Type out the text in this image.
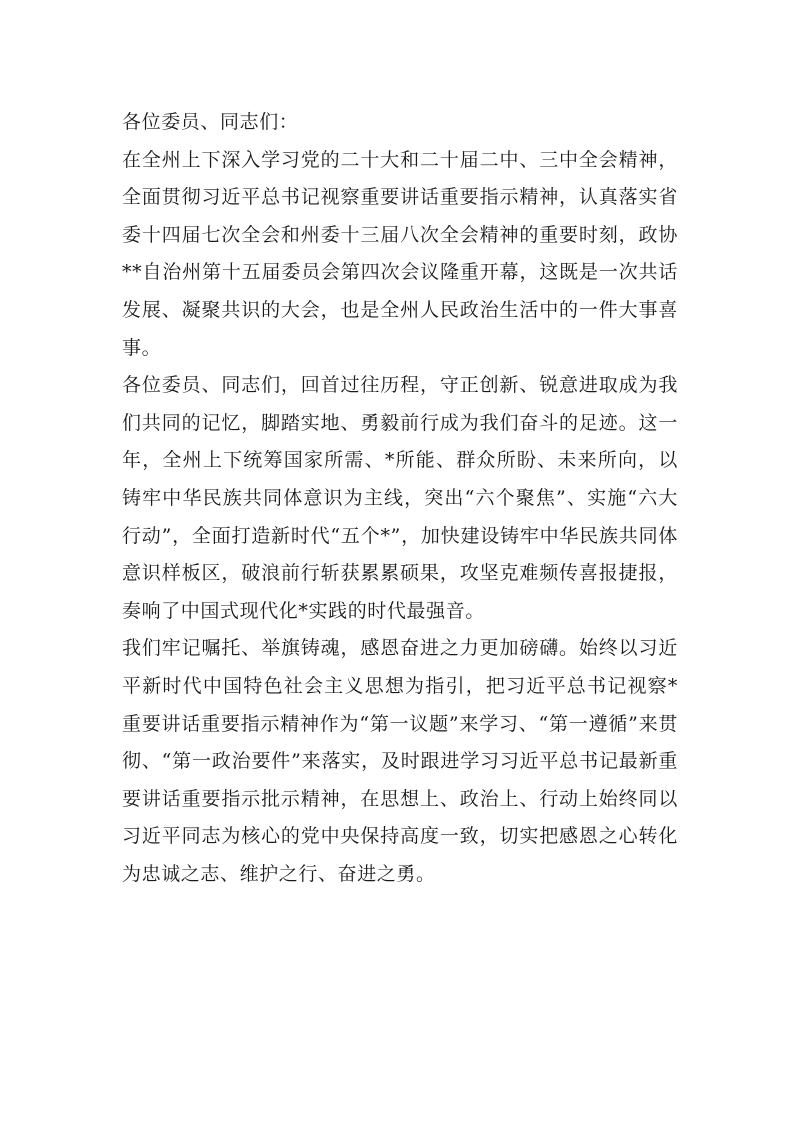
各位委员、同志们：

在全州上下深入学习党的二十大和二十届二中、三中全会精神，全面贯彻习近平总书记视察重要讲话重要指示精神，认真落实省委十四届七次全会和州委十三届八次全会精神的重要时刻，政协**自治州第十五届委员会第四次会议隆重开幕，这既是一次共话发展、凝聚共识的大会，也是全州人民政治生活中的一件大事喜事。

各位委员、同志们，回首过往历程，守正创新、锐意进取成为我们共同的记忆，脚踏实地、勇毅前行成为我们奋斗的足迹。这一年，全州上下统筹国家所需、*所能、群众所盼、未来所向，以铸牢中华民族共同体意识为主线，突出“六个聚焦”、实施“六大行动”，全面打造新时代“五个*”，加快建设铸牢中华民族共同体意识样板区，破浪前行斩获累累硕果，攻坚克难频传喜报捷报，奏响了中国式现代化*实践的时代最强音。

我们牢记嘱托、举旗铸魂，感恩奋进之力更加磅礴。始终以习近平新时代中国特色社会主义思想为指引，把习近平总书记视察*重要讲话重要指示精神作为“第一议题”来学习、“第一遵循”来贯彻、“第一政治要件”来落实，及时跟进学习习近平总书记最新重要讲话重要指示批示精神，在思想上、政治上、行动上始终同以习近平同志为核心的党中央保持高度一致，切实把感恩之心转化为忠诚之志、维护之行、奋进之勇。
